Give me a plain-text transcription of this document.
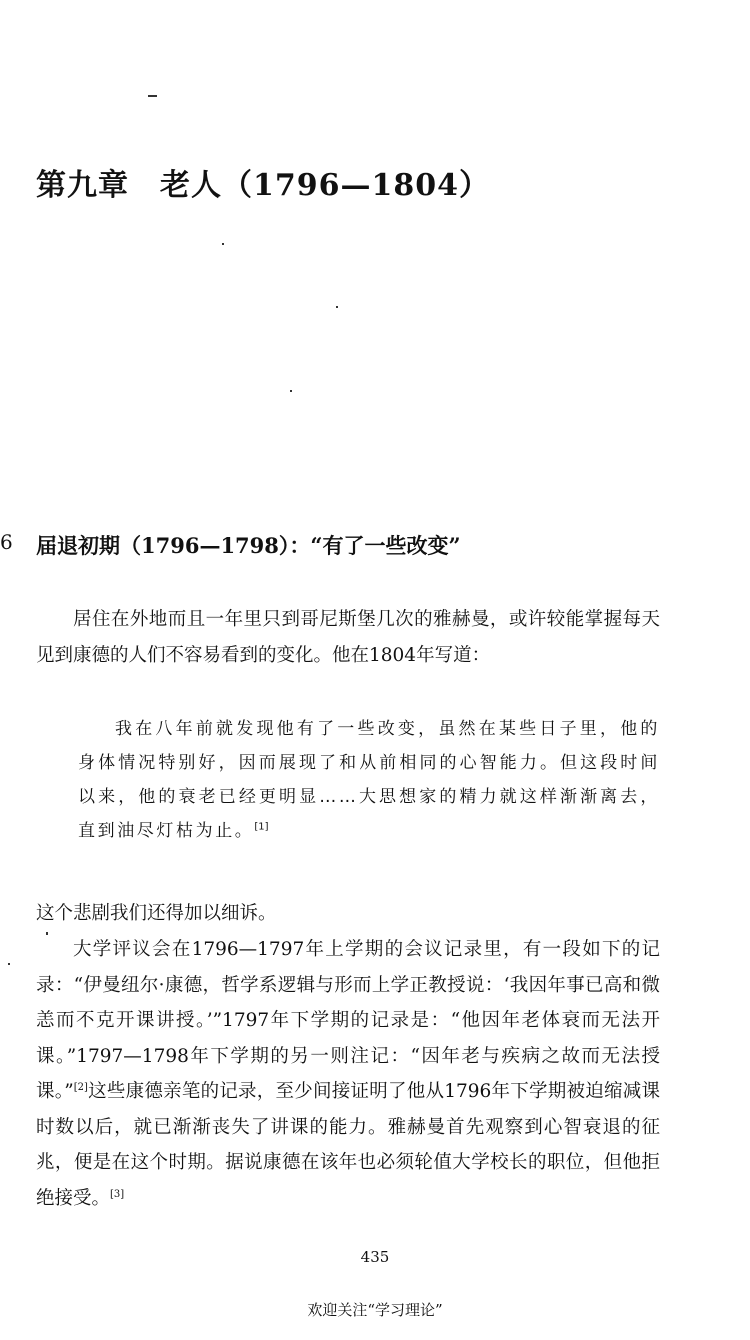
第九章　老人（1796—1804）
6 届退初期（1796—1798）：“有了一些改变”

居住在外地而且一年里只到哥尼斯堡几次的雅赫曼，或许较能掌握每天见到康德的人们不容易看到的变化。他在1804年写道：

我在八年前就发现他有了一些改变，虽然在某些日子里，他的身体情况特别好，因而展现了和从前相同的心智能力。但这段时间以来，他的衰老已经更明显……大思想家的精力就这样渐渐离去，直到油尽灯枯为止。[1]

这个悲剧我们还得加以细诉。

大学评议会在1796—1797年上学期的会议记录里，有一段如下的记录：“伊曼纽尔·康德，哲学系逻辑与形而上学正教授说：‘我因年事已高和微恙而不克开课讲授。’”1797年下学期的记录是：“他因年老体衰而无法开课。”1797—1798年下学期的另一则注记：“因年老与疾病之故而无法授课。”[2]这些康德亲笔的记录，至少间接证明了他从1796年下学期被迫缩减课时数以后，就已渐渐丧失了讲课的能力。雅赫曼首先观察到心智衰退的征兆，便是在这个时期。据说康德在该年也必须轮值大学校长的职位，但他拒绝接受。[3]

435
欢迎关注“学习理论”
